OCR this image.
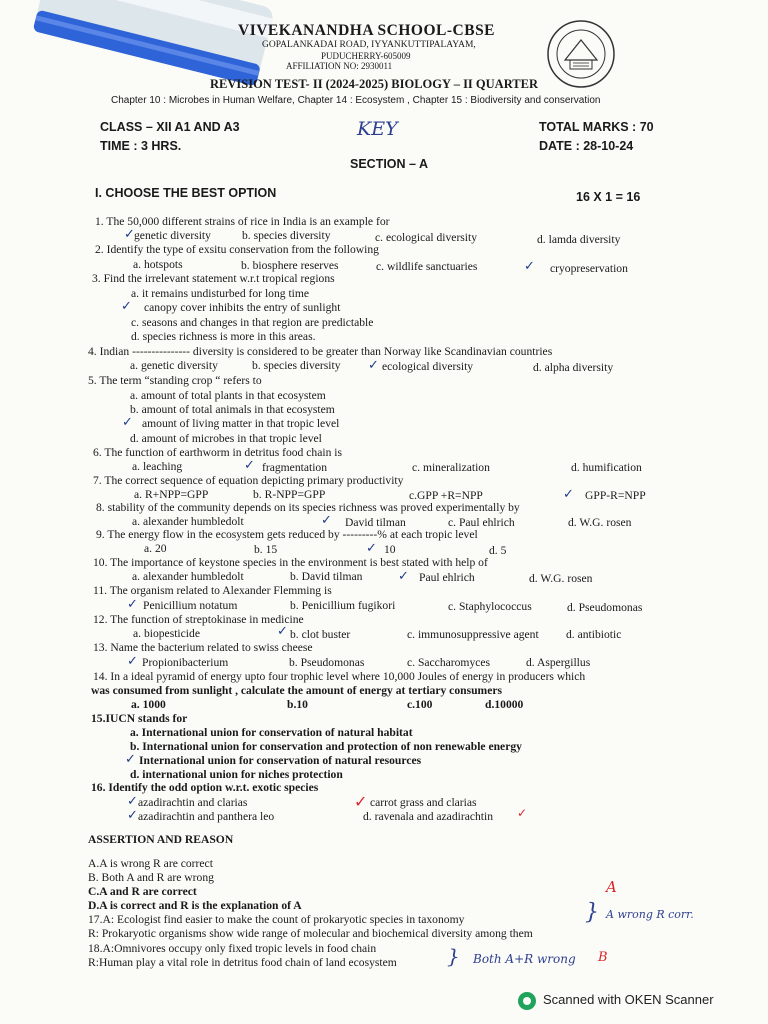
VIVEKANANDHA SCHOOL-CBSE
GOPALANKADAI ROAD, IYYANKUTTIPALAYAM,
PUDUCHERRY-605009
AFFILIATION NO: 2930011
REVISION TEST- II (2024-2025) BIOLOGY – II QUARTER
Chapter 10 : Microbes in Human Welfare, Chapter 14 : Ecosystem , Chapter 15 : Biodiversity and conservation
CLASS – XII A1 AND A3
TIME : 3 HRS.
KEY	TOTAL MARKS : 70
DATE : 28-10-24
SECTION – A
I. CHOOSE THE BEST OPTION	16 X 1 = 16
1. The 50,000 different strains of rice in India is an example for
✓ genetic diversity	b. species diversity	c. ecological diversity	d. lamda diversity
2. Identify the type of exsitu conservation from the following
a. hotspots	b. biosphere reserves	c. wildlife sanctuaries	✓ cryopreservation
3. Find the irrelevant statement w.r.t tropical regions
a. it remains undisturbed for long time
✓ canopy cover inhibits the entry of sunlight
c. seasons and changes in that region are predictable
d. species richness is more in this areas.
4. Indian --------------- diversity is considered to be greater than Norway like Scandinavian countries
a. genetic diversity	b. species diversity ✓ ecological diversity	d. alpha diversity
5. The term “standing crop “ refers to
a. amount of total plants in that ecosystem
b. amount of total animals in that ecosystem
✓ amount of living matter in that tropic level
d. amount of microbes in that tropic level
6. The function of earthworm in detritus food chain is
a. leaching	✓ fragmentation	c. mineralization	d. humification
7. The correct sequence of equation depicting primary productivity
a. R+NPP=GPP	b. R-NPP=GPP	c.GPP +R=NPP	✓ GPP-R=NPP
8. stability of the community depends on its species richness was proved experimentally by
a. alexander humbledolt	✓ David tilman	c. Paul ehlrich	d. W.G. rosen
9. The energy flow in the ecosystem gets reduced by ---------% at each tropic level
a. 20	b. 15	✓ 10	d. 5
10. The importance of keystone species in the environment is best stated with help of
a. alexander humbledolt	b. David tilman	✓ Paul ehlrich	d. W.G. rosen
11. The organism related to Alexander Flemming is
✓ Penicillium notatum	b. Penicillium fugikori	c. Staphylococcus	d. Pseudomonas
12. The function of streptokinase in medicine
a. biopesticide	✓ b. clot buster	c. immunosuppressive agent d. antibiotic
13. Name the bacterium related to swiss cheese
✓ Propionibacterium	b. Pseudomonas	c. Saccharomyces	d. Aspergillus
14. In a ideal pyramid of energy upto four trophic level where 10,000 Joules of energy in producers which
was consumed from sunlight , calculate the amount of energy at tertiary consumers
a. 1000	b.10	c.100	d.10000
15.IUCN stands for
a. International union for conservation of natural habitat
b. International union for conservation and protection of non renewable energy
✓ International union for conservation of natural resources
d. international union for niches protection
16. Identify the odd option w.r.t. exotic species
✓ azadirachtin and clarias	✓ carrot grass and clarias
✓ azadirachtin and panthera leo	d. ravenala and azadirachtin ✓
ASSERTION AND REASON
A.A is wrong R are correct
B. Both A and R are wrong
C.A and R are correct
D.A is correct and R is the explanation of A
17.A: Ecologist find easier to make the count of prokaryotic species in taxonomy
R: Prokaryotic organisms show wide range of molecular and biochemical diversity among them
18.A:Omnivores occupy only fixed tropic levels in food chain
R:Human play a vital role in detritus food chain of land ecosystem
A
} A wrong R corr.
} Both A+R wrong B
Scanned with OKEN Scanner
